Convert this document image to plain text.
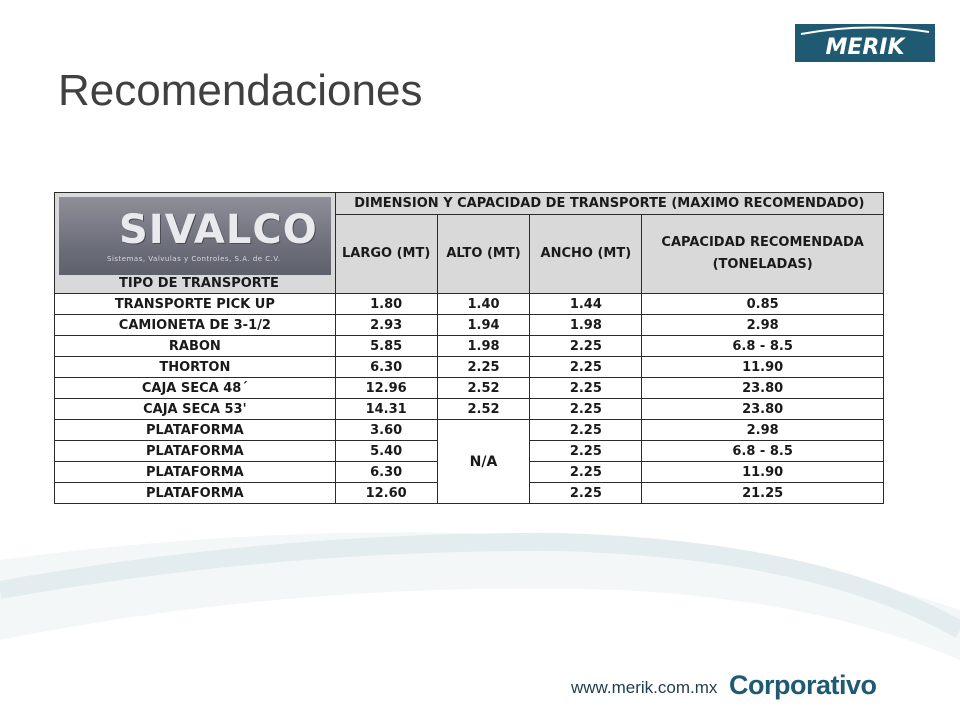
Recomendaciones
MERIK
SIVALCO
Sistemas, Valvulas y Controles, S.A. de C.V.
TIPO DE TRANSPORTE	DIMENSION Y CAPACIDAD DE TRANSPORTE (MAXIMO RECOMENDADO)			
	LARGO (MT)	ALTO (MT)	ANCHO (MT)	CAPACIDAD RECOMENDADA
(TONELADAS)
TRANSPORTE PICK UP	1.80	1.40	1.44	0.85
CAMIONETA DE 3-1/2	2.93	1.94	1.98	2.98
RABON	5.85	1.98	2.25	6.8 - 8.5
THORTON	6.30	2.25	2.25	11.90
CAJA SECA 48´	12.96	2.52	2.25	23.80
CAJA SECA 53'	14.31	2.52	2.25	23.80
PLATAFORMA	3.60	N/A	2.25	2.98
PLATAFORMA	5.40		2.25	6.8 - 8.5
PLATAFORMA	6.30		2.25	11.90
PLATAFORMA	12.60		2.25	21.25
www.merik.com.mx Corporativo
